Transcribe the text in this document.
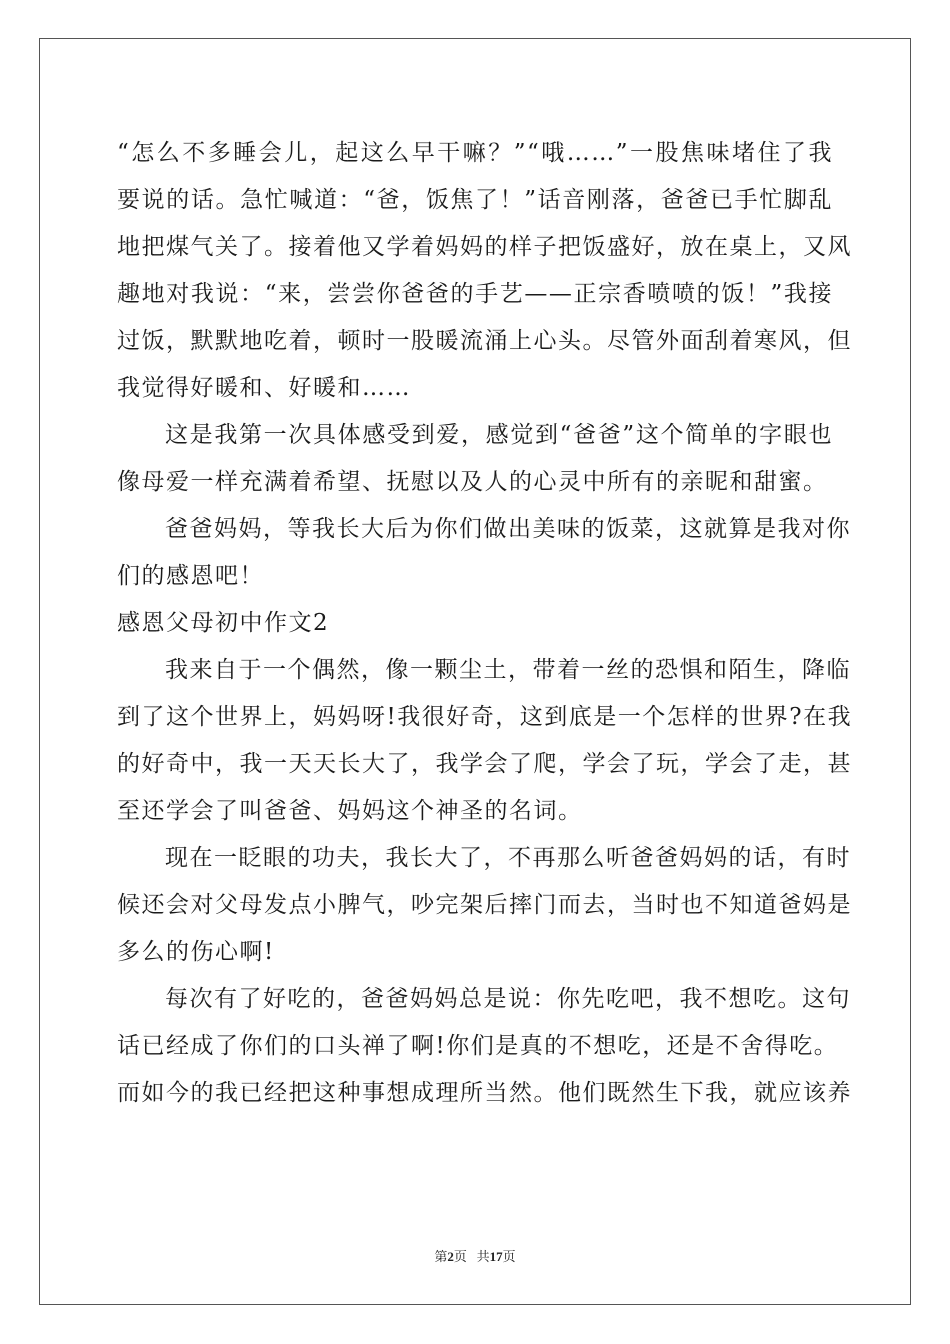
“怎么不多睡会儿，起这么早干嘛？”“哦……”一股焦味堵住了我
要说的话。急忙喊道：“爸，饭焦了！”话音刚落，爸爸已手忙脚乱
地把煤气关了。接着他又学着妈妈的样子把饭盛好，放在桌上，又风
趣地对我说：“来，尝尝你爸爸的手艺——正宗香喷喷的饭！”我接
过饭，默默地吃着，顿时一股暖流涌上心头。尽管外面刮着寒风，但
我觉得好暖和、好暖和……
这是我第一次具体感受到爱，感觉到“爸爸”这个简单的字眼也
像母爱一样充满着希望、抚慰以及人的心灵中所有的亲昵和甜蜜。
爸爸妈妈，等我长大后为你们做出美味的饭菜，这就算是我对你
们的感恩吧！
感恩父母初中作文2
我来自于一个偶然，像一颗尘土，带着一丝的恐惧和陌生，降临
到了这个世界上，妈妈呀!我很好奇，这到底是一个怎样的世界?在我
的好奇中，我一天天长大了，我学会了爬，学会了玩，学会了走，甚
至还学会了叫爸爸、妈妈这个神圣的名词。
现在一眨眼的功夫，我长大了，不再那么听爸爸妈妈的话，有时
候还会对父母发点小脾气，吵完架后摔门而去，当时也不知道爸妈是
多么的伤心啊!
每次有了好吃的，爸爸妈妈总是说：你先吃吧，我不想吃。这句
话已经成了你们的口头禅了啊!你们是真的不想吃，还是不舍得吃。
而如今的我已经把这种事想成理所当然。他们既然生下我，就应该养
第2页 共17页
